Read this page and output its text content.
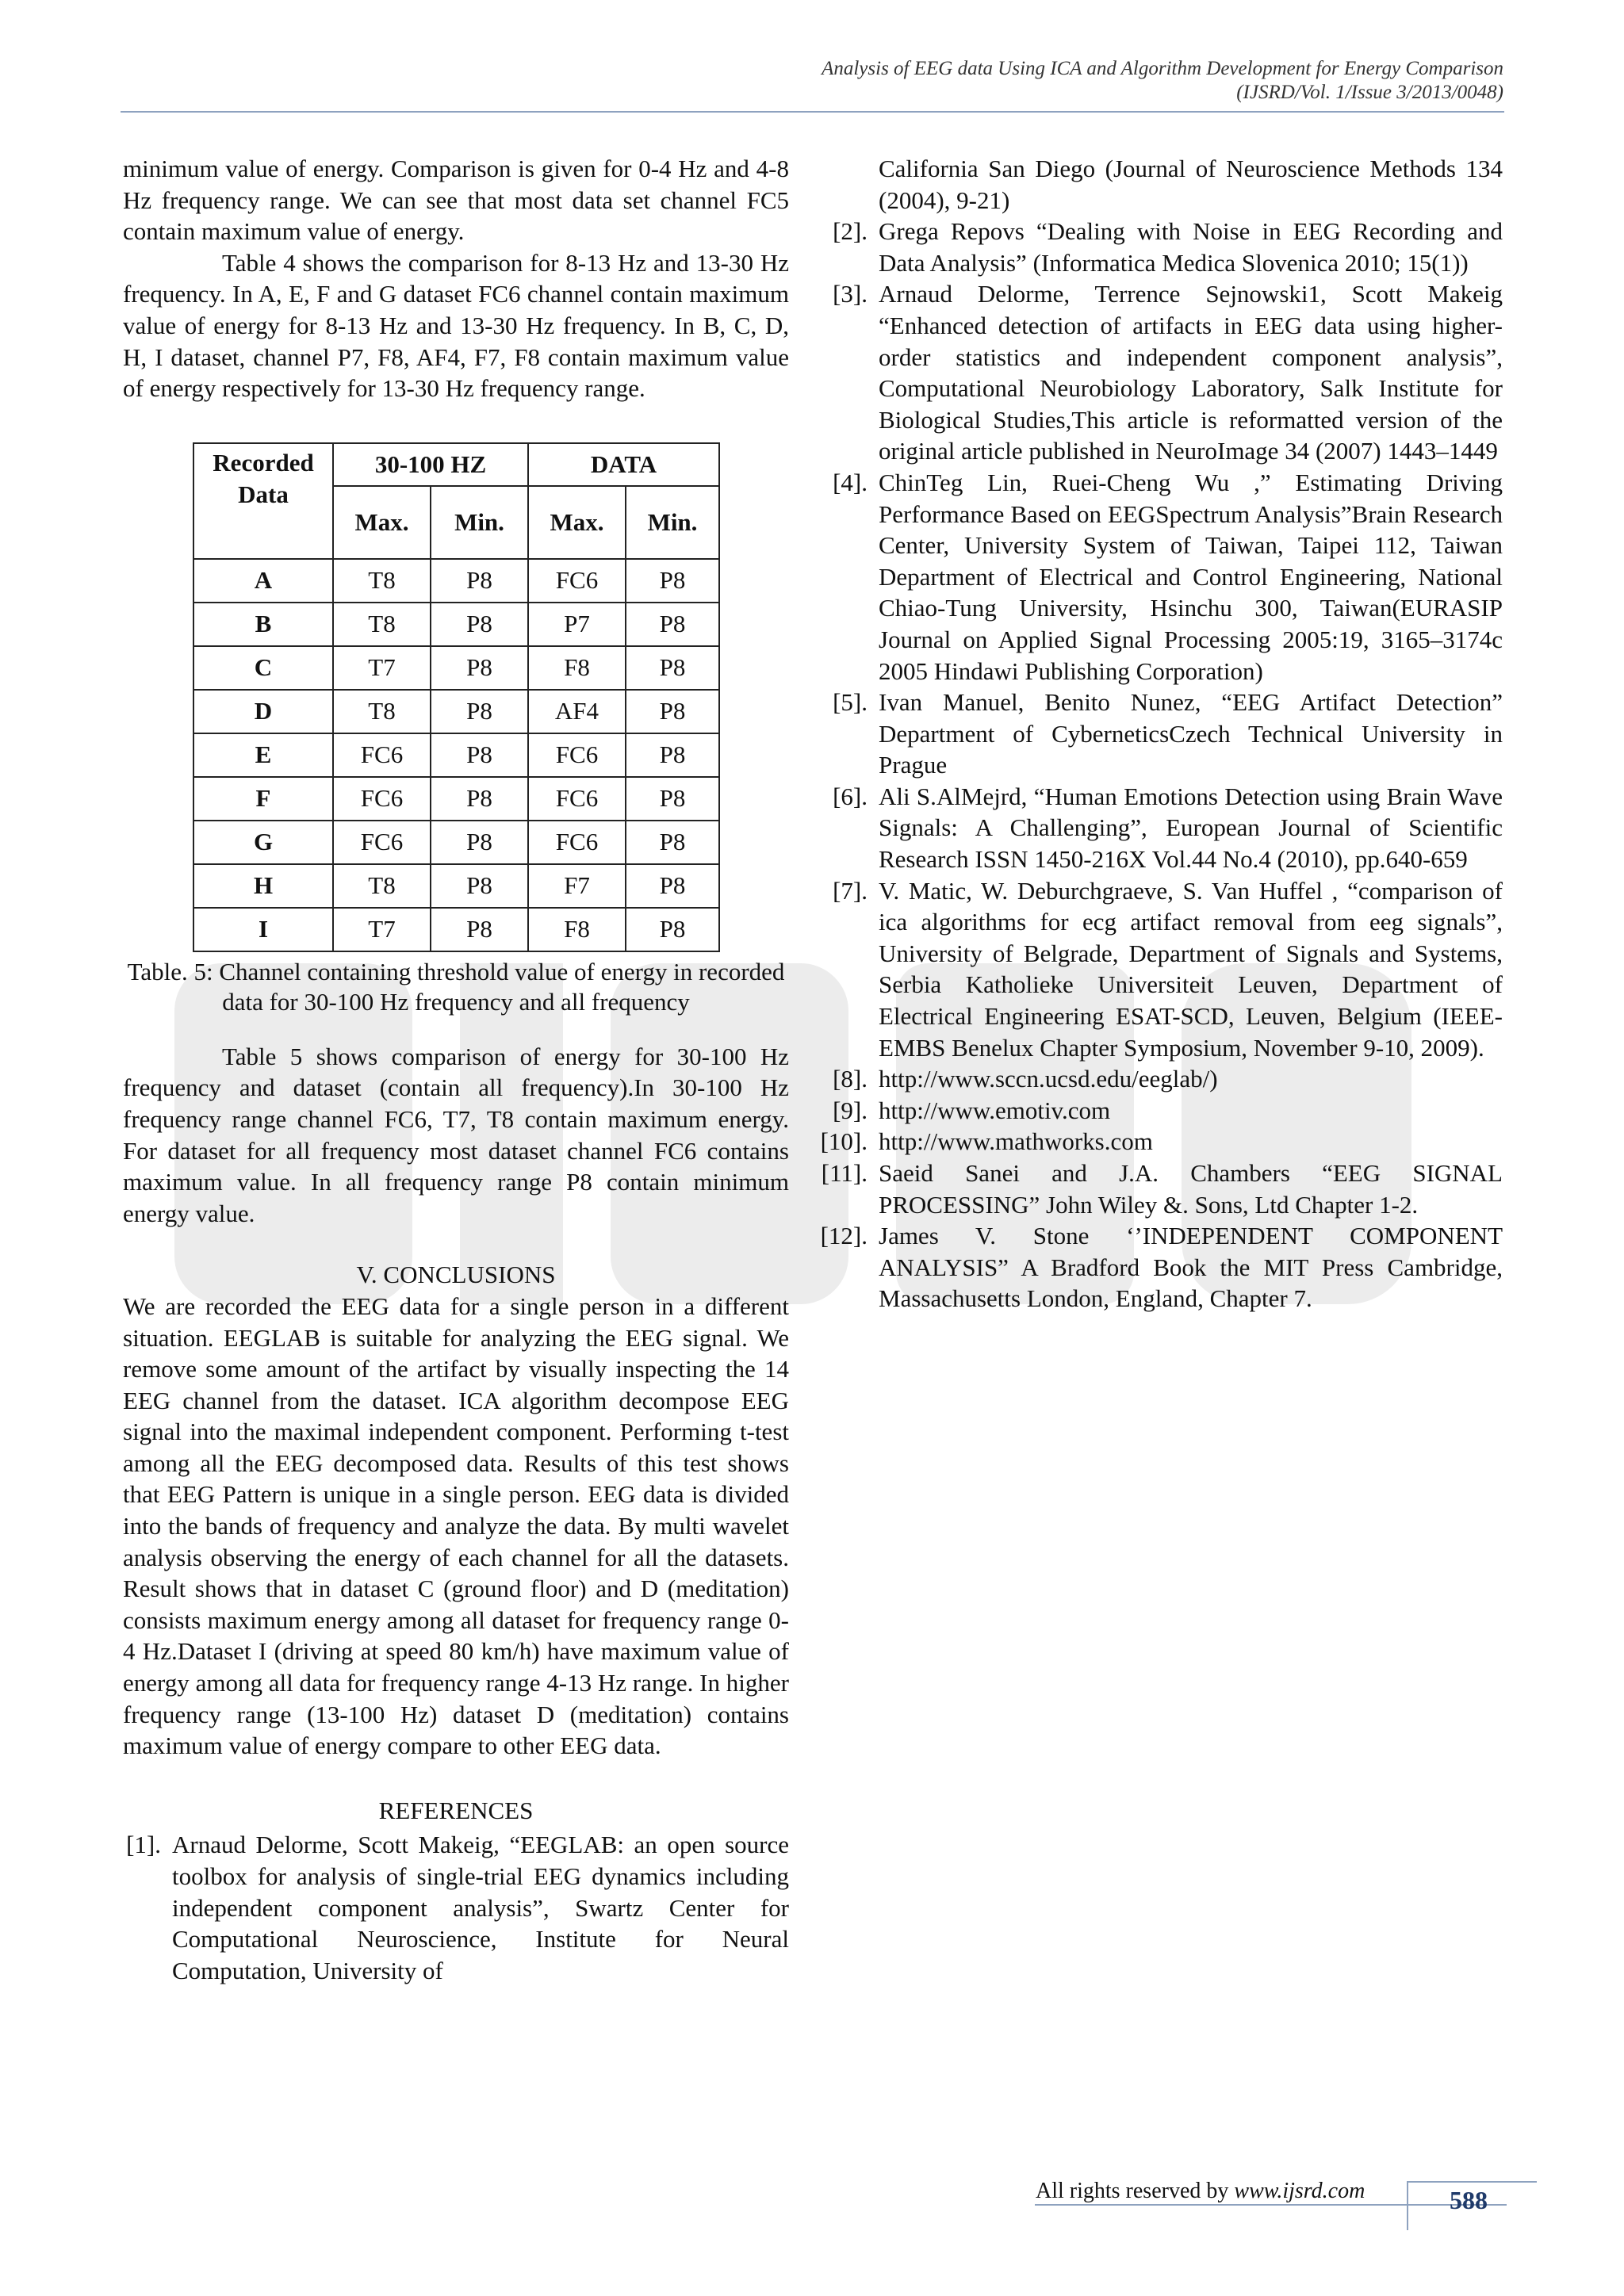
Analysis of EEG data Using ICA and Algorithm Development for Energy Comparison
(IJSRD/Vol. 1/Issue 3/2013/0048)

minimum value of energy. Comparison is given for 0-4 Hz and 4-8 Hz frequency range. We can see that most data set channel FC5 contain maximum value of energy.

Table 4 shows the comparison for 8-13 Hz and 13-30 Hz frequency. In A, E, F and G dataset FC6 channel contain maximum value of energy for 8-13 Hz and 13-30 Hz frequency. In B, C, D, H, I dataset, channel P7, F8, AF4, F7, F8 contain maximum value of energy respectively for 13-30 Hz frequency range.

Recorded Data	30-100 HZ		DATA	
	Max.	Min.	Max.	Min.
A	T8	P8	FC6	P8
B	T8	P8	P7	P8
C	T7	P8	F8	P8
D	T8	P8	AF4	P8
E	FC6	P8	FC6	P8
F	FC6	P8	FC6	P8
G	FC6	P8	FC6	P8
H	T8	P8	F7	P8
I	T7	P8	F8	P8
Table. 5: Channel containing threshold value of energy in recorded data for 30-100 Hz frequency and all frequency

Table 5 shows comparison of energy for 30-100 Hz frequency and dataset (contain all frequency).In 30-100 Hz frequency range channel FC6, T7, T8 contain maximum energy. For dataset for all frequency most dataset channel FC6 contains maximum value. In all frequency range P8 contain minimum energy value.

V. CONCLUSIONS

We are recorded the EEG data for a single person in a different situation. EEGLAB is suitable for analyzing the EEG signal. We remove some amount of the artifact by visually inspecting the 14 EEG channel from the dataset. ICA algorithm decompose EEG signal into the maximal independent component. Performing t-test among all the EEG decomposed data. Results of this test shows that EEG Pattern is unique in a single person. EEG data is divided into the bands of frequency and analyze the data. By multi wavelet analysis observing the energy of each channel for all the datasets. Result shows that in dataset C (ground floor) and D (meditation) consists maximum energy among all dataset for frequency range 0-4 Hz.Dataset I (driving at speed 80 km/h) have maximum value of energy among all data for frequency range 4-13 Hz range. In higher frequency range (13-100 Hz) dataset D (meditation) contains maximum value of energy compare to other EEG data.

REFERENCES
[1]. Arnaud Delorme, Scott Makeig, “EEGLAB: an open source toolbox for analysis of single-trial EEG dynamics including independent component analysis”, Swartz Center for Computational Neuroscience, Institute for Neural Computation, University of
California San Diego (Journal of Neuroscience Methods 134 (2004), 9-21)
[2]. Grega Repovs “Dealing with Noise in EEG Recording and Data Analysis” (Informatica Medica Slovenica 2010; 15(1))
[3]. Arnaud Delorme, Terrence Sejnowski1, Scott Makeig “Enhanced detection of artifacts in EEG data using higher-order statistics and independent component analysis”, Computational Neurobiology Laboratory, Salk Institute for Biological Studies,This article is reformatted version of the original article published in NeuroImage 34 (2007) 1443–1449
[4]. ChinTeg Lin, Ruei-Cheng Wu ,” Estimating Driving Performance Based on EEGSpectrum Analysis”Brain Research Center, University System of Taiwan, Taipei 112, Taiwan Department of Electrical and Control Engineering, National Chiao-Tung University, Hsinchu 300, Taiwan(EURASIP Journal on Applied Signal Processing 2005:19, 3165–3174c 2005 Hindawi Publishing Corporation)
[5]. Ivan Manuel, Benito Nunez, “EEG Artifact Detection” Department of CyberneticsCzech Technical University in Prague
[6]. Ali S.AlMejrd, “Human Emotions Detection using Brain Wave Signals: A Challenging”, European Journal of Scientific Research ISSN 1450-216X Vol.44 No.4 (2010), pp.640-659
[7]. V. Matic, W. Deburchgraeve, S. Van Huffel , “comparison of ica algorithms for ecg artifact removal from eeg signals”, University of Belgrade, Department of Signals and Systems, Serbia Katholieke Universiteit Leuven, Department of Electrical Engineering ESAT-SCD, Leuven, Belgium (IEEE-EMBS Benelux Chapter Symposium, November 9-10, 2009).
[8]. http://www.sccn.ucsd.edu/eeglab/)
[9]. http://www.emotiv.com
[10]. http://www.mathworks.com
[11]. Saeid Sanei and J.A. Chambers “EEG SIGNAL PROCESSING” John Wiley &. Sons, Ltd Chapter 1-2.
[12]. James V. Stone ‘’INDEPENDENT COMPONENT ANALYSIS” A Bradford Book the MIT Press Cambridge, Massachusetts London, England, Chapter 7.
All rights reserved by www.ijsrd.com	588
